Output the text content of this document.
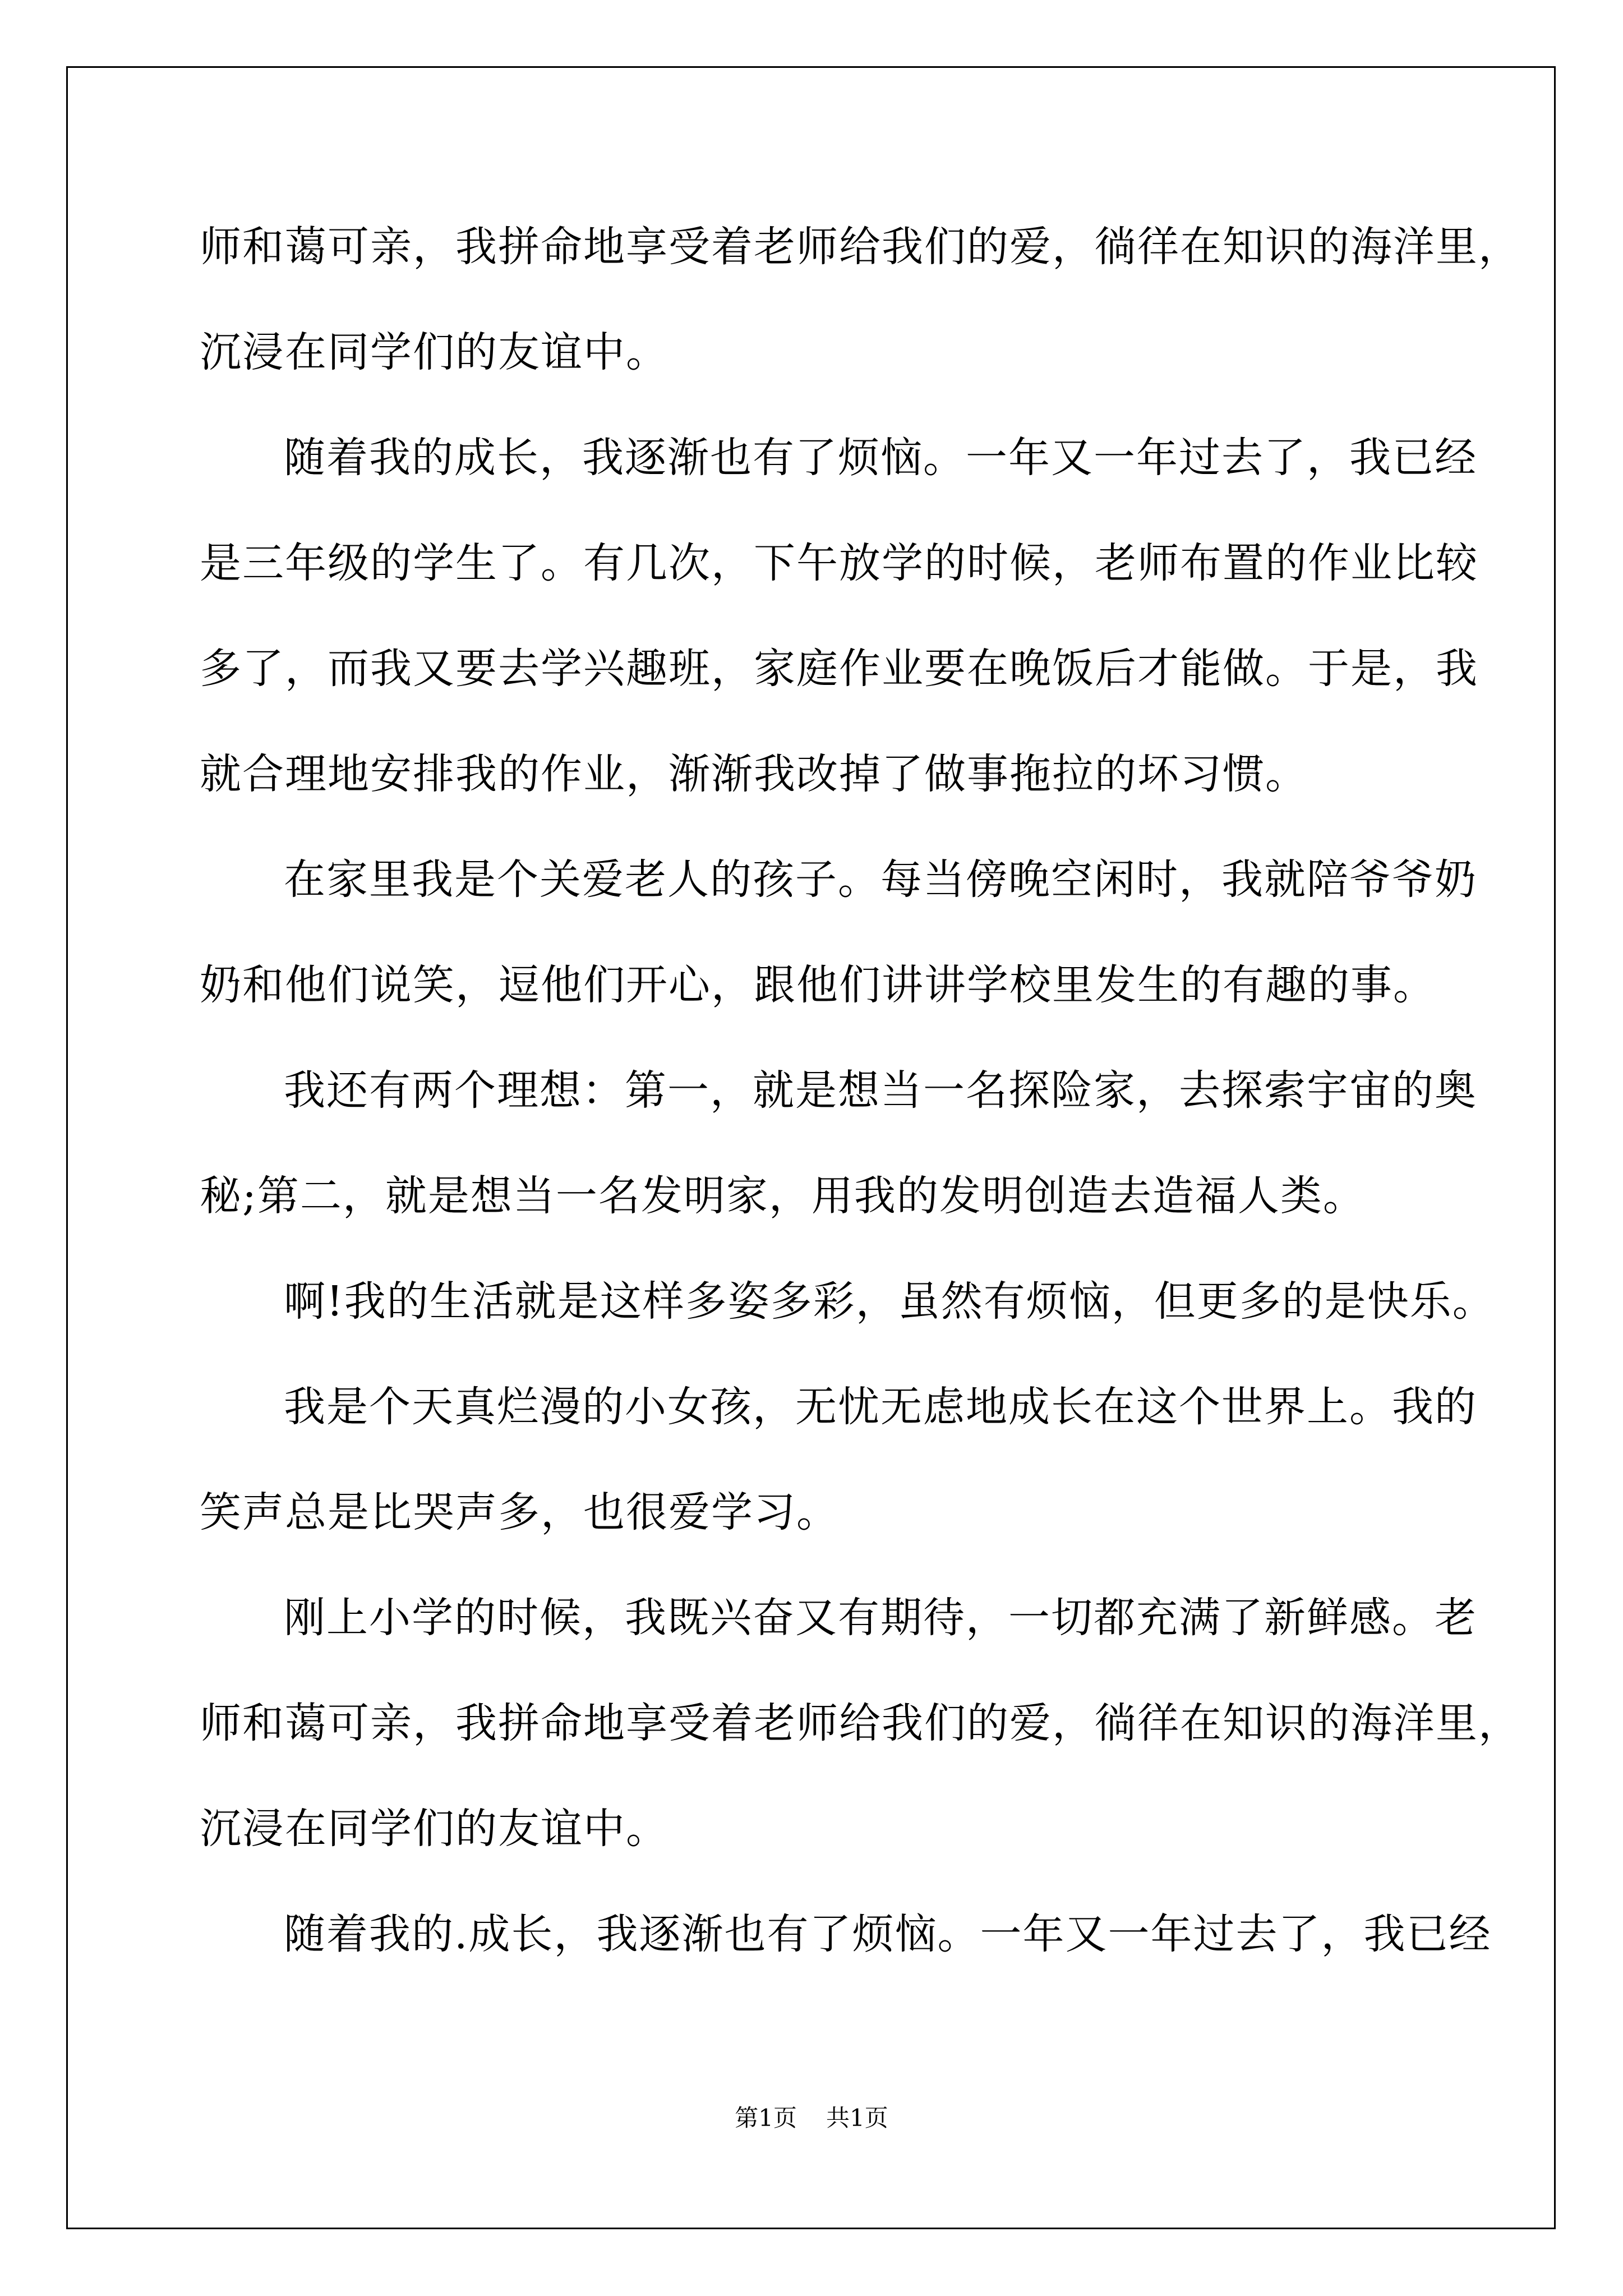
师和蔼可亲，我拼命地享受着老师给我们的爱，徜徉在知识的海洋里，
沉浸在同学们的友谊中。
随着我的成长，我逐渐也有了烦恼。一年又一年过去了，我已经
是三年级的学生了。有几次，下午放学的时候，老师布置的作业比较
多了，而我又要去学兴趣班，家庭作业要在晚饭后才能做。于是，我
就合理地安排我的作业，渐渐我改掉了做事拖拉的坏习惯。
在家里我是个关爱老人的孩子。每当傍晚空闲时，我就陪爷爷奶
奶和他们说笑，逗他们开心，跟他们讲讲学校里发生的有趣的事。
我还有两个理想：第一，就是想当一名探险家，去探索宇宙的奥
秘;第二，就是想当一名发明家，用我的发明创造去造福人类。
啊!我的生活就是这样多姿多彩，虽然有烦恼，但更多的是快乐。
我是个天真烂漫的小女孩，无忧无虑地成长在这个世界上。我的
笑声总是比哭声多，也很爱学习。
刚上小学的时候，我既兴奋又有期待，一切都充满了新鲜感。老
师和蔼可亲，我拼命地享受着老师给我们的爱，徜徉在知识的海洋里，
沉浸在同学们的友谊中。
随着我的.成长，我逐渐也有了烦恼。一年又一年过去了，我已经
第1页 共1页
